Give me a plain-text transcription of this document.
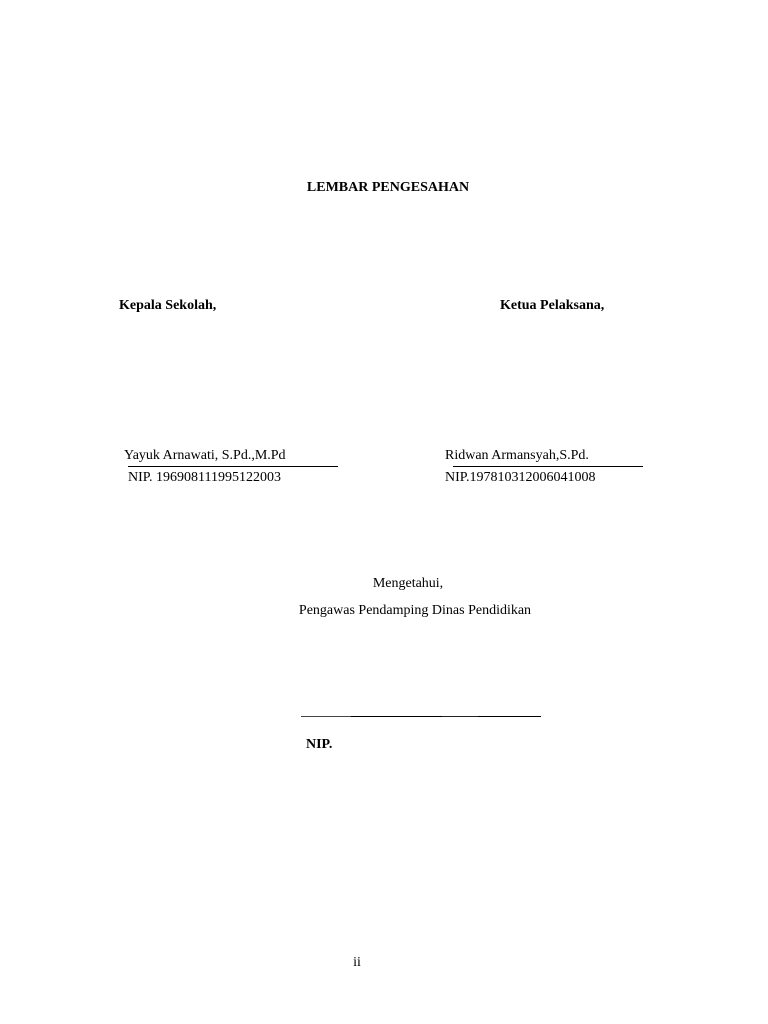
LEMBAR PENGESAHAN
Kepala Sekolah,	Ketua Pelaksana,
Yayuk Arnawati, S.Pd.,M.Pd
NIP. 196908111995122003
Ridwan Armansyah,S.Pd.
NIP.197810312006041008
Mengetahui,
Pengawas Pendamping Dinas Pendidikan
NIP.
ii
